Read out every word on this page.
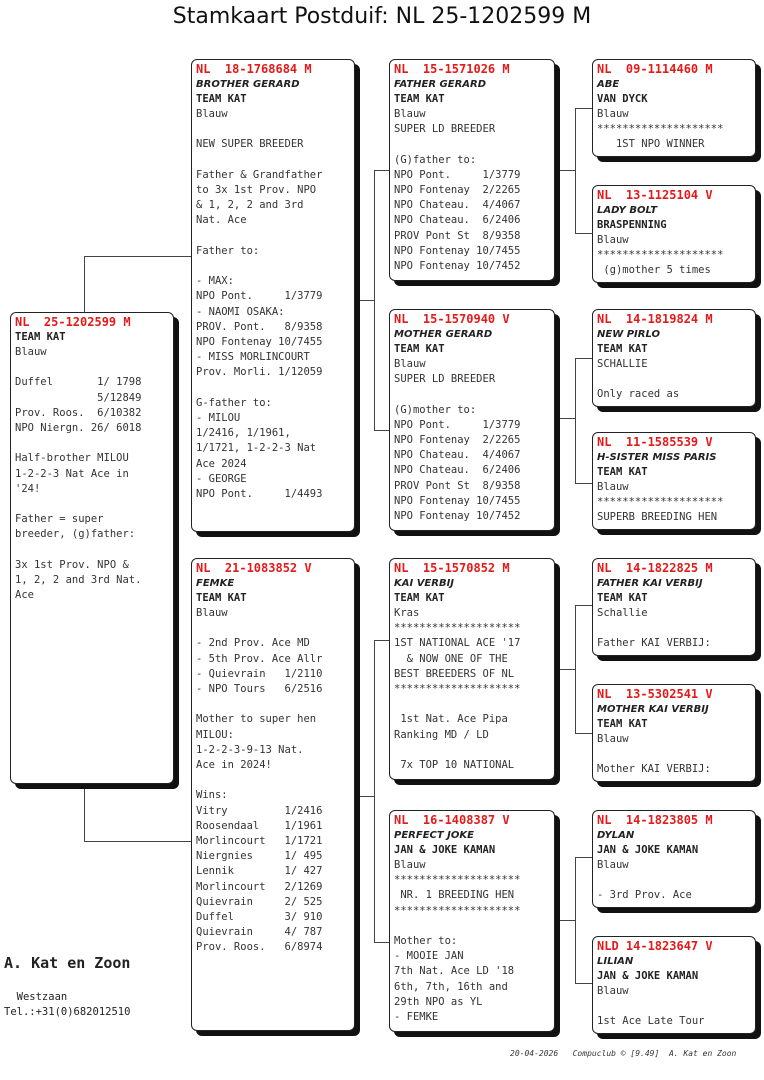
Stamkaart Postduif: NL 25-1202599 M
NL  25-1202599 M
TEAM KAT
Blauw

Duffel       1/ 1798
5/12849
Prov. Roos.  6/10382
NPO Niergn. 26/ 6018

Half-brother MILOU
1-2-2-3 Nat Ace in
'24!

Father = super
breeder, (g)father:

3x 1st Prov. NPO &
1, 2, 2 and 3rd Nat.
Ace
NL  18-1768684 M
BROTHER GERARD
TEAM KAT
Blauw

NEW SUPER BREEDER

Father & Grandfather
to 3x 1st Prov. NPO
& 1, 2, 2 and 3rd
Nat. Ace

Father to:

- MAX:
NPO Pont.     1/3779
- NAOMI OSAKA:
PROV. Pont.   8/9358
NPO Fontenay 10/7455
- MISS MORLINCOURT
Prov. Morli. 1/12059

G-father to:
- MILOU
1/2416, 1/1961,
1/1721, 1-2-2-3 Nat
Ace 2024
- GEORGE
NPO Pont.     1/4493
NL  21-1083852 V
FEMKE
TEAM KAT
Blauw

- 2nd Prov. Ace MD
- 5th Prov. Ace Allr
- Quievrain   1/2110
- NPO Tours   6/2516

Mother to super hen
MILOU:
1-2-2-3-9-13 Nat.
Ace in 2024!

Wins:
Vitry         1/2416
Roosendaal    1/1961
Morlincourt   1/1721
Niergnies     1/ 495
Lennik        1/ 427
Morlincourt   2/1269
Quievrain     2/ 525
Duffel        3/ 910
Quievrain     4/ 787
Prov. Roos.   6/8974
NL  15-1571026 M
FATHER GERARD
TEAM KAT
Blauw
SUPER LD BREEDER

(G)father to:
NPO Pont.     1/3779
NPO Fontenay  2/2265
NPO Chateau.  4/4067
NPO Chateau.  6/2406
PROV Pont St  8/9358
NPO Fontenay 10/7455
NPO Fontenay 10/7452
NL  15-1570940 V
MOTHER GERARD
TEAM KAT
Blauw
SUPER LD BREEDER

(G)mother to:
NPO Pont.     1/3779
NPO Fontenay  2/2265
NPO Chateau.  4/4067
NPO Chateau.  6/2406
PROV Pont St  8/9358
NPO Fontenay 10/7455
NPO Fontenay 10/7452
NL  15-1570852 M
KAI VERBIJ
TEAM KAT
Kras
********************
1ST NATIONAL ACE '17
& NOW ONE OF THE
BEST BREEDERS OF NL
********************

1st Nat. Ace Pipa
Ranking MD / LD

7x TOP 10 NATIONAL
NL  16-1408387 V
PERFECT JOKE
JAN & JOKE KAMAN
Blauw
********************
NR. 1 BREEDING HEN
********************

Mother to:
- MOOIE JAN
7th Nat. Ace LD '18
6th, 7th, 16th and
29th NPO as YL
- FEMKE
NL  09-1114460 M
ABE
VAN DYCK
Blauw
********************
1ST NPO WINNER
NL  13-1125104 V
LADY BOLT
BRASPENNING
Blauw
********************
(g)mother 5 times
NL  14-1819824 M
NEW PIRLO
TEAM KAT
SCHALLIE

Only raced as
NL  11-1585539 V
H-SISTER MISS PARIS
TEAM KAT
Blauw
********************
SUPERB BREEDING HEN
NL  14-1822825 M
FATHER KAI VERBIJ
TEAM KAT
Schallie

Father KAI VERBIJ:
NL  13-5302541 V
MOTHER KAI VERBIJ
TEAM KAT
Blauw

Mother KAI VERBIJ:
NL  14-1823805 M
DYLAN
JAN & JOKE KAMAN
Blauw

- 3rd Prov. Ace
NLD 14-1823647 V
LILIAN
JAN & JOKE KAMAN
Blauw

1st Ace Late Tour
A. Kat en Zoon
Westzaan
Tel.:+31(0)682012510
20-04-2026   Compuclub © [9.49]  A. Kat en Zoon
